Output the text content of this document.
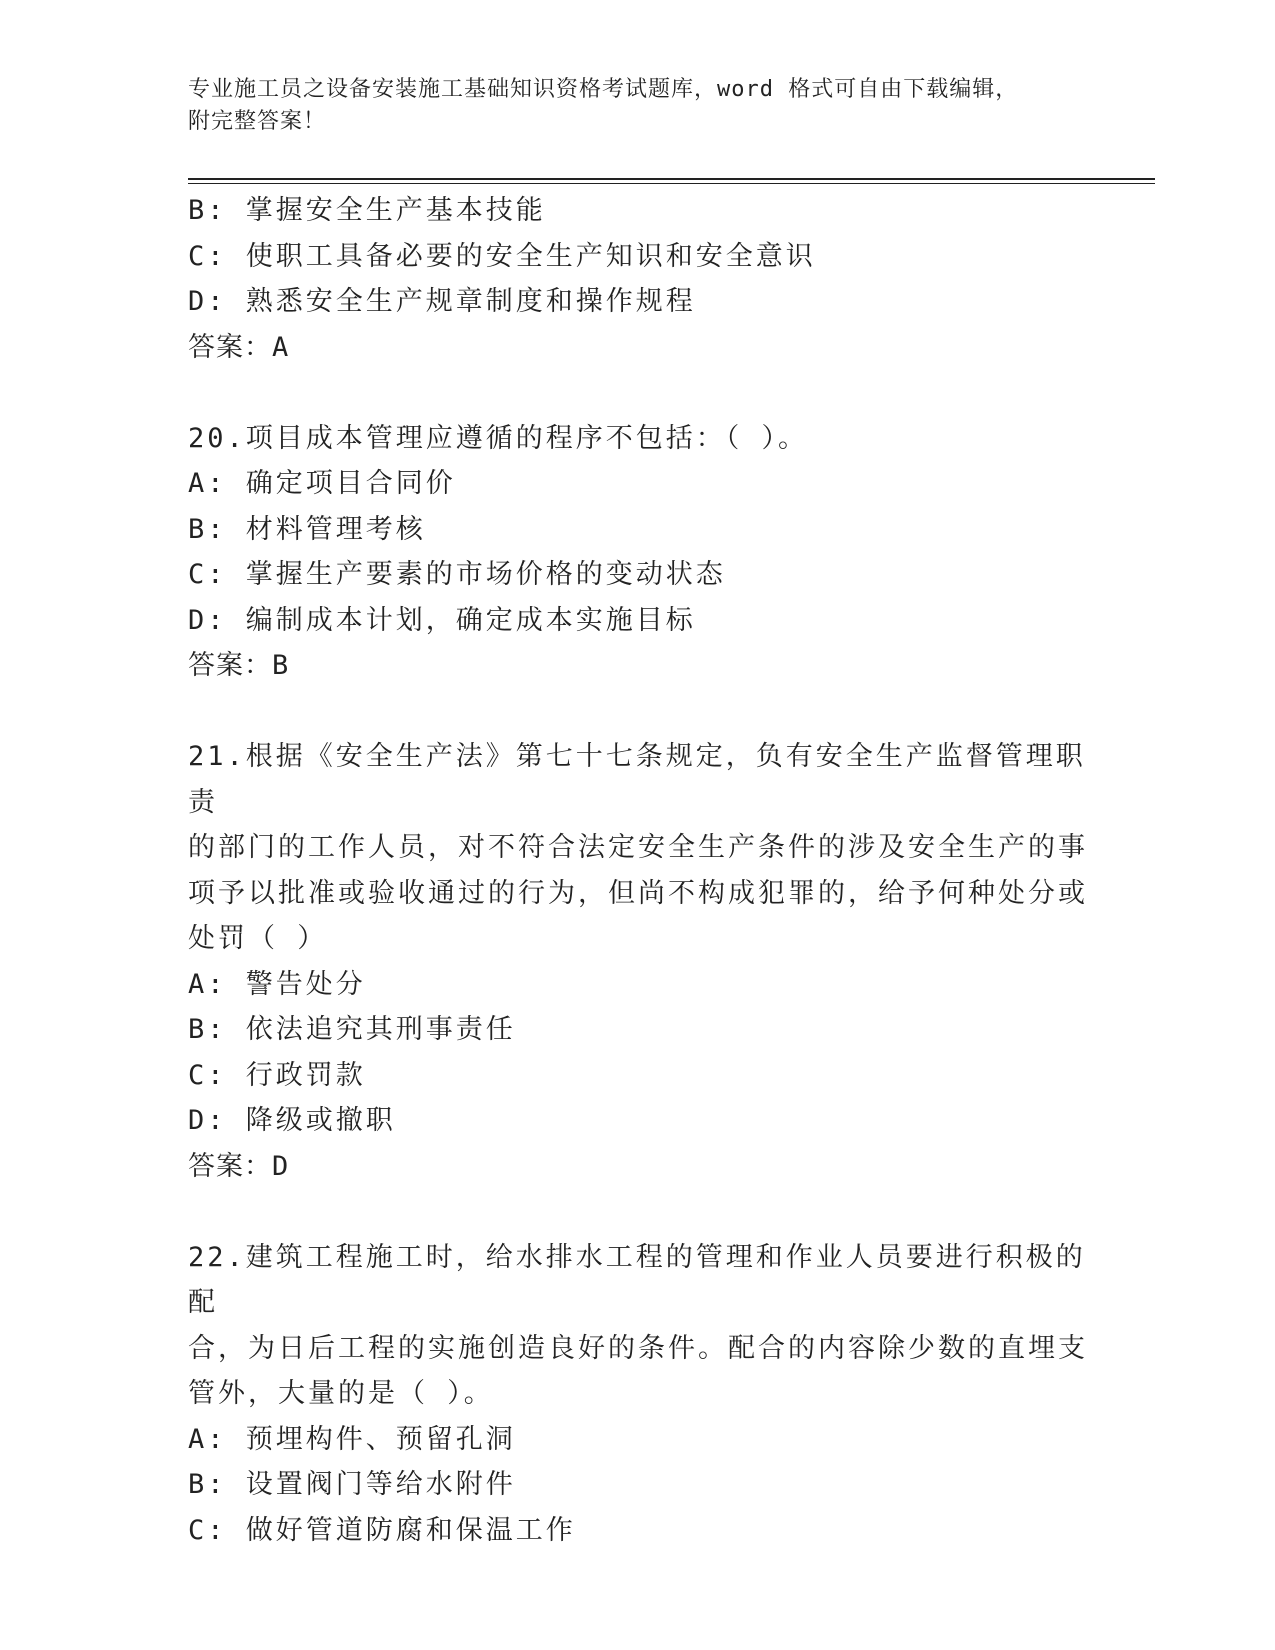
专业施工员之设备安装施工基础知识资格考试题库，word 格式可自由下载编辑，
附完整答案！
B: 掌握安全生产基本技能
C: 使职工具备必要的安全生产知识和安全意识
D: 熟悉安全生产规章制度和操作规程
答案：A
20.项目成本管理应遵循的程序不包括：（ ）。
A: 确定项目合同价
B: 材料管理考核
C: 掌握生产要素的市场价格的变动状态
D: 编制成本计划，确定成本实施目标
答案：B
21.根据《安全生产法》第七十七条规定，负有安全生产监督管理职责
的部门的工作人员，对不符合法定安全生产条件的涉及安全生产的事
项予以批准或验收通过的行为，但尚不构成犯罪的，给予何种处分或
处罚（ ）
A: 警告处分
B: 依法追究其刑事责任
C: 行政罚款
D: 降级或撤职
答案：D
22.建筑工程施工时，给水排水工程的管理和作业人员要进行积极的配
合，为日后工程的实施创造良好的条件。配合的内容除少数的直埋支
管外，大量的是（ ）。
A: 预埋构件、预留孔洞
B: 设置阀门等给水附件
C: 做好管道防腐和保温工作
